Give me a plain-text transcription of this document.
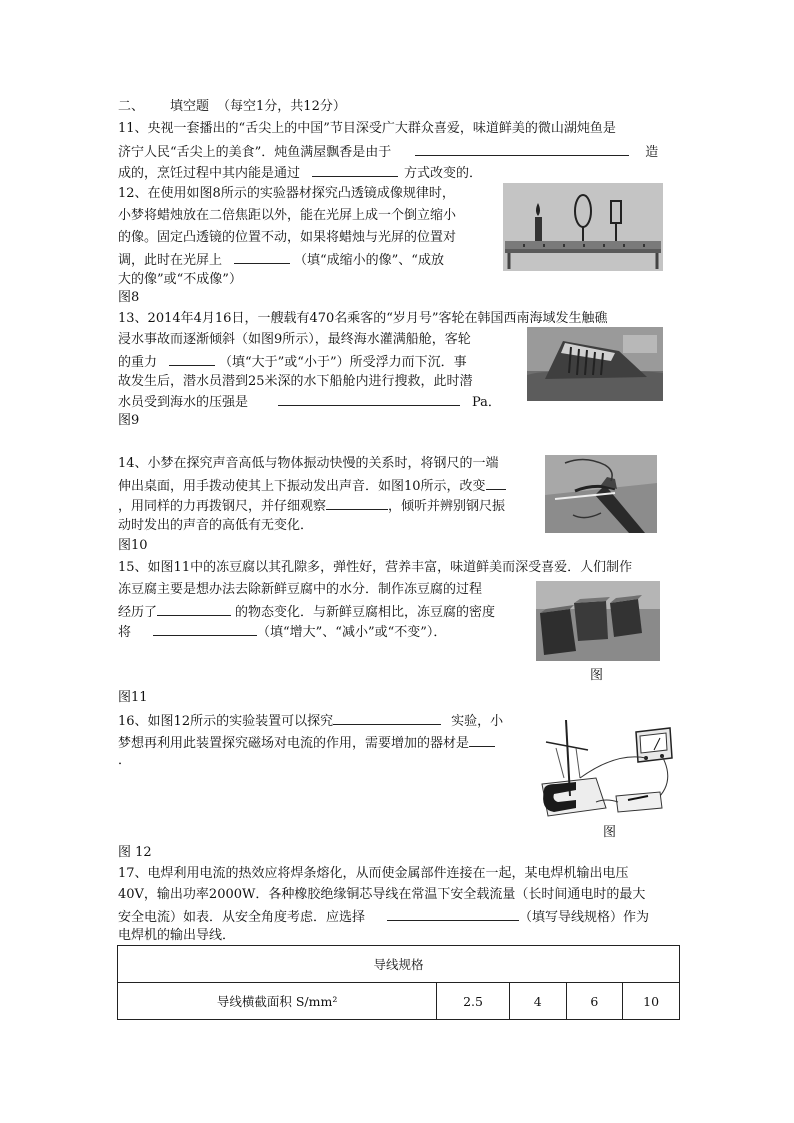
二、 填空题 （每空1分，共12分）
11、央视一套播出的“舌尖上的中国”节目深受广大群众喜爱，味道鲜美的微山湖炖鱼是
济宁人民“舌尖上的美食”．炖鱼满屋飘香是由于	造
成的，烹饪过程中其内能是通过	方式改变的．
12、在使用如图8所示的实验器材探究凸透镜成像规律时，
小梦将蜡烛放在二倍焦距以外，能在光屏上成一个倒立缩小
的像。固定凸透镜的位置不动，如果将蜡烛与光屏的位置对
调，此时在光屏上	（填“成缩小的像”、“成放
大的像”或“不成像”）
图8
13、2014年4月16日，一艘载有470名乘客的“岁月号”客轮在韩国西南海域发生触礁
浸水事故而逐渐倾斜（如图9所示），最终海水灌满船舱，客轮
的重力	（填“大于”或“小于”）所受浮力而下沉．事
故发生后，潜水员潜到25米深的水下船舱内进行搜救，此时潜
水员受到海水的压强是	Pa．
图9
14、小梦在探究声音高低与物体振动快慢的关系时，将钢尺的一端
伸出桌面，用手拨动使其上下振动发出声音．如图10所示，改变
，用同样的力再拨钢尺，并仔细观察	，倾听并辨别钢尺振
动时发出的声音的高低有无变化．
图10
15、如图11中的冻豆腐以其孔隙多，弹性好，营养丰富，味道鲜美而深受喜爱．人们制作
冻豆腐主要是想办法去除新鲜豆腐中的水分．制作冻豆腐的过程
经历了	的物态变化．与新鲜豆腐相比，冻豆腐的密度
将	（填“增大”、“减小”或“不变”）．
图
图11
16、如图12所示的实验装置可以探究	实验，小
梦想再利用此装置探究磁场对电流的作用，需要增加的器材是
．
图
图 12
17、电焊利用电流的热效应将焊条熔化，从而使金属部件连接在一起，某电焊机输出电压
40V，输出功率2000W．各种橡胶绝缘铜芯导线在常温下安全载流量（长时间通电时的最大
安全电流）如表．从安全角度考虑．应选择	（填写导线规格）作为
电焊机的输出导线．
导线规格
导线横截面积 S/mm²	2.5	4	6	10
